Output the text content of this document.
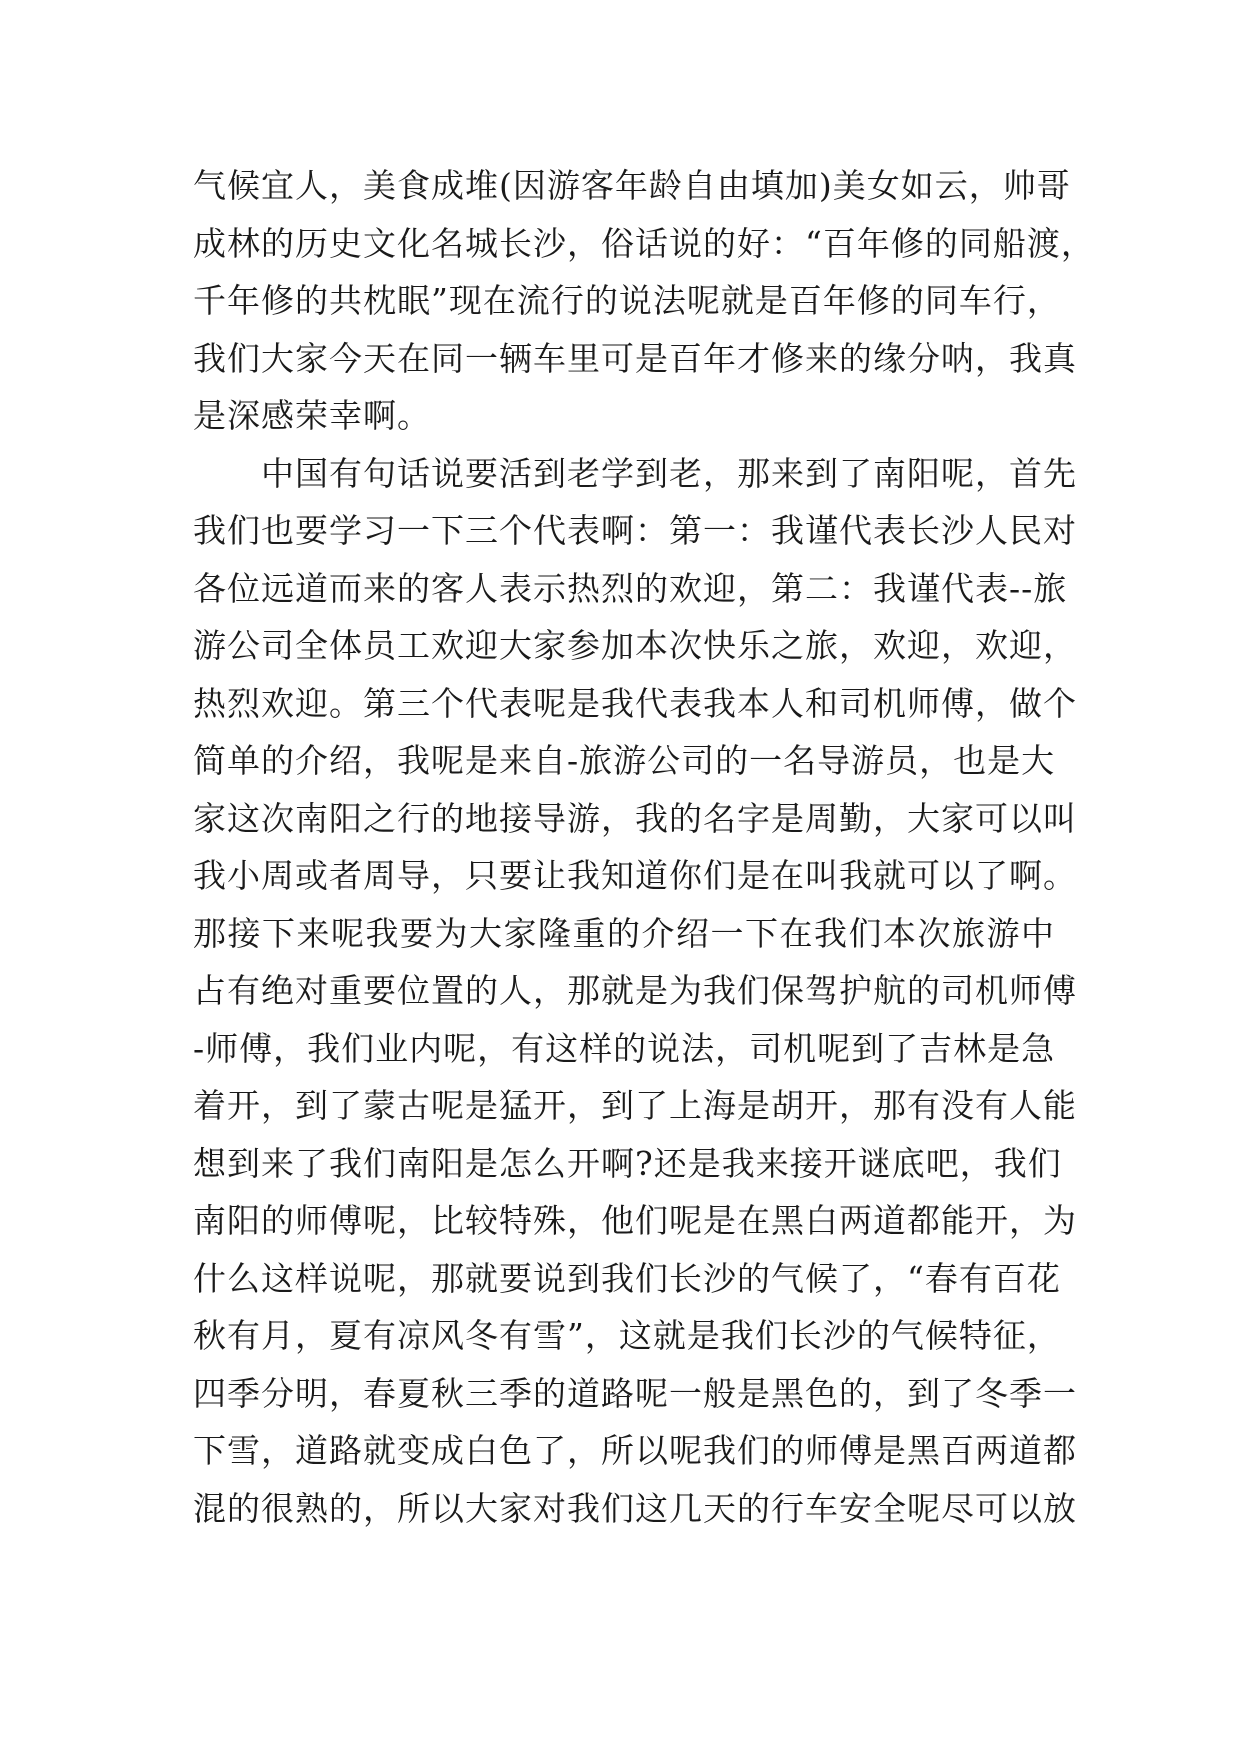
气候宜人，美食成堆(因游客年龄自由填加)美女如云，帅哥
成林的历史文化名城长沙，俗话说的好：“百年修的同船渡，
千年修的共枕眠”现在流行的说法呢就是百年修的同车行，
我们大家今天在同一辆车里可是百年才修来的缘分呐，我真
是深感荣幸啊。
中国有句话说要活到老学到老，那来到了南阳呢，首先
我们也要学习一下三个代表啊：第一：我谨代表长沙人民对
各位远道而来的客人表示热烈的欢迎，第二：我谨代表--旅
游公司全体员工欢迎大家参加本次快乐之旅，欢迎，欢迎，
热烈欢迎。第三个代表呢是我代表我本人和司机师傅，做个
简单的介绍，我呢是来自-旅游公司的一名导游员，也是大
家这次南阳之行的地接导游，我的名字是周勤，大家可以叫
我小周或者周导，只要让我知道你们是在叫我就可以了啊。
那接下来呢我要为大家隆重的介绍一下在我们本次旅游中
占有绝对重要位置的人，那就是为我们保驾护航的司机师傅
-师傅，我们业内呢，有这样的说法，司机呢到了吉林是急
着开，到了蒙古呢是猛开，到了上海是胡开，那有没有人能
想到来了我们南阳是怎么开啊?还是我来接开谜底吧，我们
南阳的师傅呢，比较特殊，他们呢是在黑白两道都能开，为
什么这样说呢，那就要说到我们长沙的气候了，“春有百花
秋有月，夏有凉风冬有雪”，这就是我们长沙的气候特征，
四季分明，春夏秋三季的道路呢一般是黑色的，到了冬季一
下雪，道路就变成白色了，所以呢我们的师傅是黑百两道都
混的很熟的，所以大家对我们这几天的行车安全呢尽可以放
